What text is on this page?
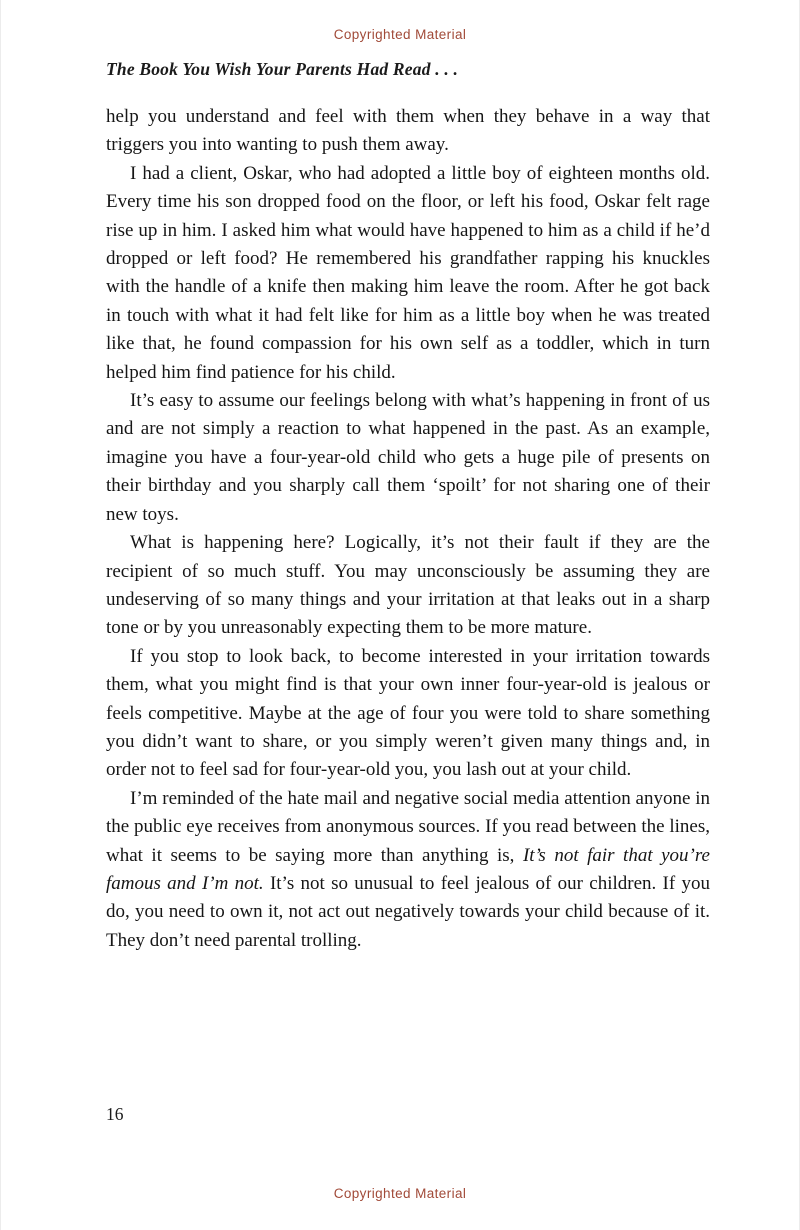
Copyrighted Material
The Book You Wish Your Parents Had Read . . .

help you understand and feel with them when they behave in a way that triggers you into wanting to push them away.

I had a client, Oskar, who had adopted a little boy of eighteen months old. Every time his son dropped food on the floor, or left his food, Oskar felt rage rise up in him. I asked him what would have happened to him as a child if he’d dropped or left food? He remembered his grandfather rapping his knuckles with the handle of a knife then making him leave the room. After he got back in touch with what it had felt like for him as a little boy when he was treated like that, he found compassion for his own self as a toddler, which in turn helped him find patience for his child.

It’s easy to assume our feelings belong with what’s happening in front of us and are not simply a reaction to what happened in the past. As an example, imagine you have a four-year-old child who gets a huge pile of presents on their birthday and you sharply call them ‘spoilt’ for not sharing one of their new toys.

What is happening here? Logically, it’s not their fault if they are the recipient of so much stuff. You may unconsciously be assuming they are undeserving of so many things and your irritation at that leaks out in a sharp tone or by you unreasonably expecting them to be more mature.

If you stop to look back, to become interested in your irritation towards them, what you might find is that your own inner four-year-old is jealous or feels competitive. Maybe at the age of four you were told to share something you didn’t want to share, or you simply weren’t given many things and, in order not to feel sad for four-year-old you, you lash out at your child.

I’m reminded of the hate mail and negative social media attention anyone in the public eye receives from anonymous sources. If you read between the lines, what it seems to be saying more than anything is, It’s not fair that you’re famous and I’m not. It’s not so unusual to feel jealous of our children. If you do, you need to own it, not act out negatively towards your child because of it. They don’t need parental trolling.

16
Copyrighted Material
